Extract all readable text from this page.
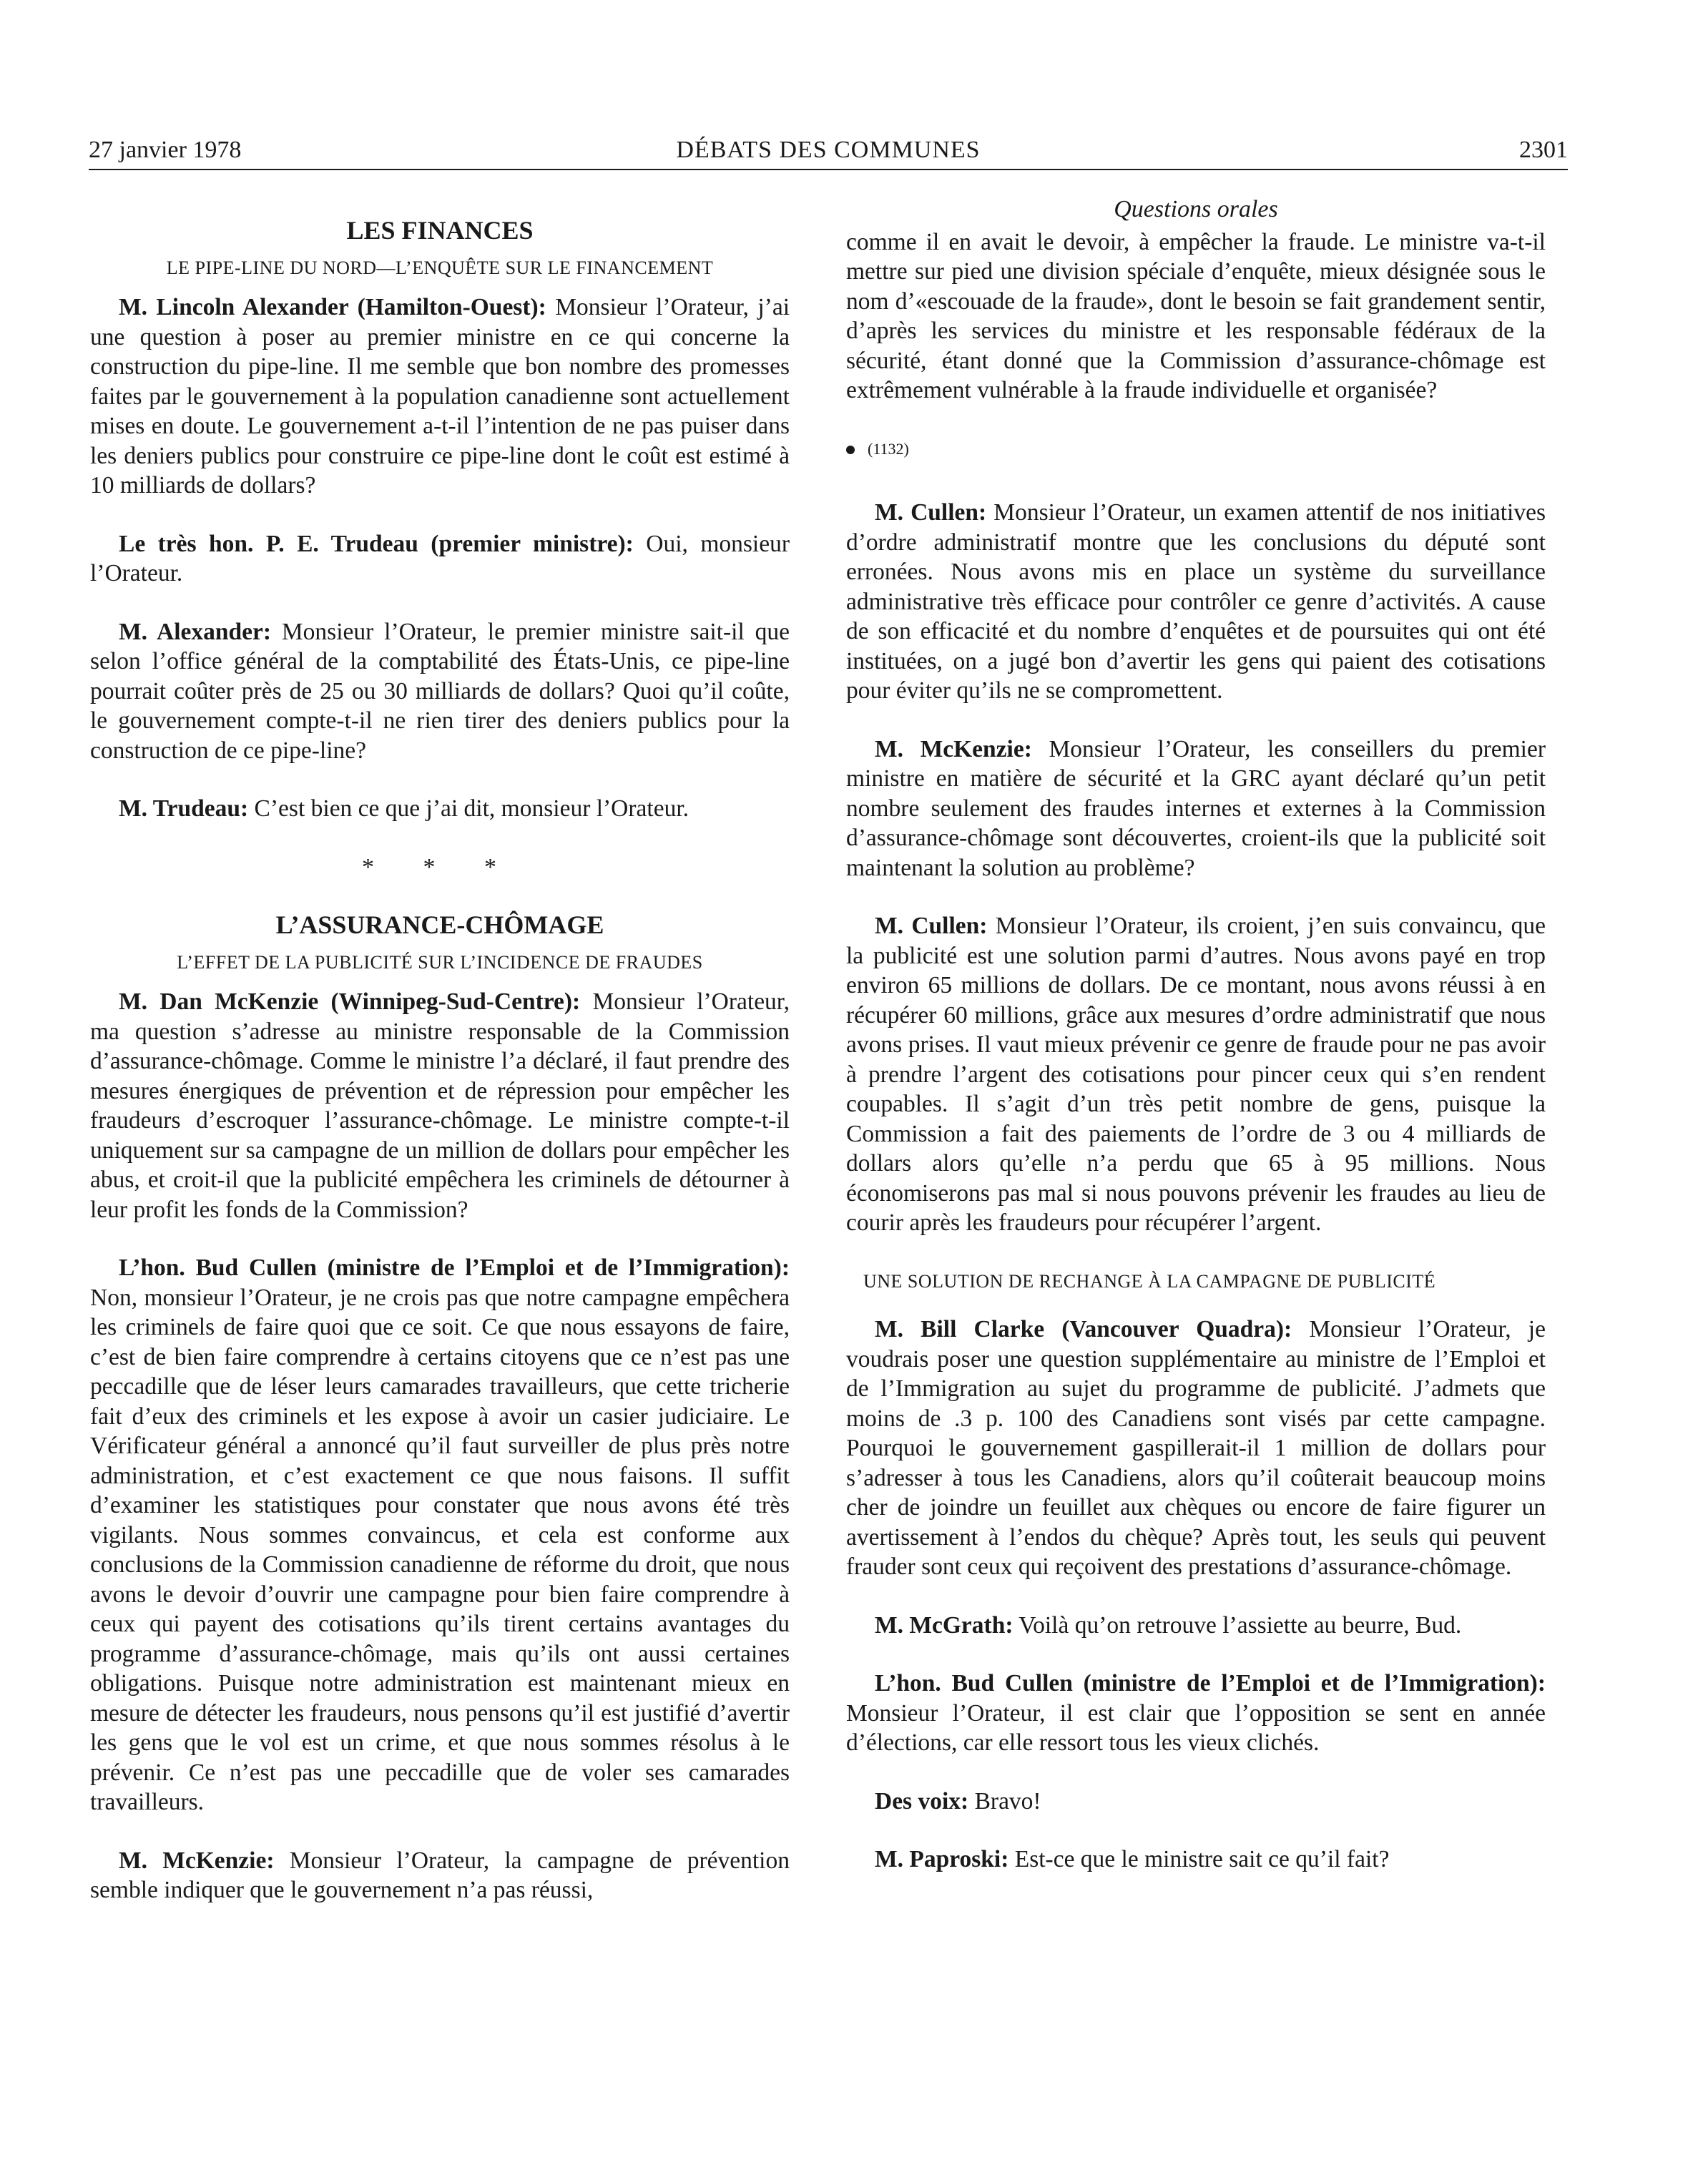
27 janvier 1978	DÉBATS DES COMMUNES	2301
LES FINANCES
LE PIPE-LINE DU NORD—L’ENQUÊTE SUR LE FINANCEMENT

M. Lincoln Alexander (Hamilton-Ouest): Monsieur l’Orateur, j’ai une question à poser au premier ministre en ce qui concerne la construction du pipe-line. Il me semble que bon nombre des promesses faites par le gouvernement à la population canadienne sont actuellement mises en doute. Le gouvernement a-t-il l’intention de ne pas puiser dans les deniers publics pour construire ce pipe-line dont le coût est estimé à 10 milliards de dollars?

Le très hon. P. E. Trudeau (premier ministre): Oui, monsieur l’Orateur.

M. Alexander: Monsieur l’Orateur, le premier ministre sait-il que selon l’office général de la comptabilité des États-Unis, ce pipe-line pourrait coûter près de 25 ou 30 milliards de dollars? Quoi qu’il coûte, le gouvernement compte-t-il ne rien tirer des deniers publics pour la construction de ce pipe-line?

M. Trudeau: C’est bien ce que j’ai dit, monsieur l’Orateur.

* * *
L’ASSURANCE-CHÔMAGE
L’EFFET DE LA PUBLICITÉ SUR L’INCIDENCE DE FRAUDES

M. Dan McKenzie (Winnipeg-Sud-Centre): Monsieur l’Orateur, ma question s’adresse au ministre responsable de la Commission d’assurance-chômage. Comme le ministre l’a déclaré, il faut prendre des mesures énergiques de prévention et de répression pour empêcher les fraudeurs d’escroquer l’assurance-chômage. Le ministre compte-t-il uniquement sur sa campagne de un million de dollars pour empêcher les abus, et croit-il que la publicité empêchera les criminels de détourner à leur profit les fonds de la Commission?

L’hon. Bud Cullen (ministre de l’Emploi et de l’Immigration): Non, monsieur l’Orateur, je ne crois pas que notre campagne empêchera les criminels de faire quoi que ce soit. Ce que nous essayons de faire, c’est de bien faire comprendre à certains citoyens que ce n’est pas une peccadille que de léser leurs camarades travailleurs, que cette tricherie fait d’eux des criminels et les expose à avoir un casier judiciaire. Le Vérificateur général a annoncé qu’il faut surveiller de plus près notre administration, et c’est exactement ce que nous faisons. Il suffit d’examiner les statistiques pour constater que nous avons été très vigilants. Nous sommes convaincus, et cela est conforme aux conclusions de la Commission canadienne de réforme du droit, que nous avons le devoir d’ouvrir une campagne pour bien faire comprendre à ceux qui payent des cotisations qu’ils tirent certains avantages du programme d’assurance-chômage, mais qu’ils ont aussi certaines obligations. Puisque notre administration est maintenant mieux en mesure de détecter les fraudeurs, nous pensons qu’il est justifié d’avertir les gens que le vol est un crime, et que nous sommes résolus à le prévenir. Ce n’est pas une peccadille que de voler ses camarades travailleurs.

M. McKenzie: Monsieur l’Orateur, la campagne de prévention semble indiquer que le gouvernement n’a pas réussi,

Questions orales

comme il en avait le devoir, à empêcher la fraude. Le ministre va-t-il mettre sur pied une division spéciale d’enquête, mieux désignée sous le nom d’«escouade de la fraude», dont le besoin se fait grandement sentir, d’après les services du ministre et les responsable fédéraux de la sécurité, étant donné que la Commission d’assurance-chômage est extrêmement vulnérable à la fraude individuelle et organisée?

(1132)

M. Cullen: Monsieur l’Orateur, un examen attentif de nos initiatives d’ordre administratif montre que les conclusions du député sont erronées. Nous avons mis en place un système du surveillance administrative très efficace pour contrôler ce genre d’activités. A cause de son efficacité et du nombre d’enquêtes et de poursuites qui ont été instituées, on a jugé bon d’avertir les gens qui paient des cotisations pour éviter qu’ils ne se compromettent.

M. McKenzie: Monsieur l’Orateur, les conseillers du premier ministre en matière de sécurité et la GRC ayant déclaré qu’un petit nombre seulement des fraudes internes et externes à la Commission d’assurance-chômage sont découvertes, croient-ils que la publicité soit maintenant la solution au problème?

M. Cullen: Monsieur l’Orateur, ils croient, j’en suis convaincu, que la publicité est une solution parmi d’autres. Nous avons payé en trop environ 65 millions de dollars. De ce montant, nous avons réussi à en récupérer 60 millions, grâce aux mesures d’ordre administratif que nous avons prises. Il vaut mieux prévenir ce genre de fraude pour ne pas avoir à prendre l’argent des cotisations pour pincer ceux qui s’en rendent coupables. Il s’agit d’un très petit nombre de gens, puisque la Commission a fait des paiements de l’ordre de 3 ou 4 milliards de dollars alors qu’elle n’a perdu que 65 à 95 millions. Nous économiserons pas mal si nous pouvons prévenir les fraudes au lieu de courir après les fraudeurs pour récupérer l’argent.

UNE SOLUTION DE RECHANGE À LA CAMPAGNE DE PUBLICITÉ

M. Bill Clarke (Vancouver Quadra): Monsieur l’Orateur, je voudrais poser une question supplémentaire au ministre de l’Emploi et de l’Immigration au sujet du programme de publicité. J’admets que moins de .3 p. 100 des Canadiens sont visés par cette campagne. Pourquoi le gouvernement gaspillerait-il 1 million de dollars pour s’adresser à tous les Canadiens, alors qu’il coûterait beaucoup moins cher de joindre un feuillet aux chèques ou encore de faire figurer un avertissement à l’endos du chèque? Après tout, les seuls qui peuvent frauder sont ceux qui reçoivent des prestations d’assurance-chômage.

M. McGrath: Voilà qu’on retrouve l’assiette au beurre, Bud.

L’hon. Bud Cullen (ministre de l’Emploi et de l’Immigration): Monsieur l’Orateur, il est clair que l’opposition se sent en année d’élections, car elle ressort tous les vieux clichés.

Des voix: Bravo!

M. Paproski: Est-ce que le ministre sait ce qu’il fait?
